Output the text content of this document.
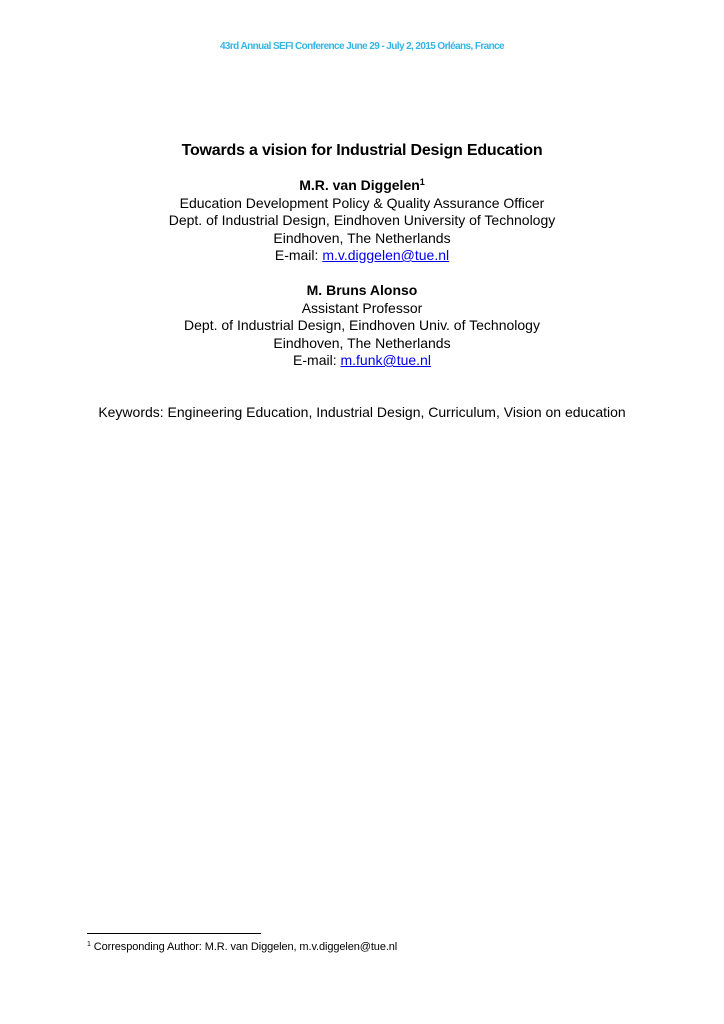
43rd Annual SEFI Conference June 29 - July 2, 2015 Orléans, France
Towards a vision for Industrial Design Education
M.R. van Diggelen$^1$
Education Development Policy & Quality Assurance Officer
Dept. of Industrial Design, Eindhoven University of Technology
Eindhoven, The Netherlands
E-mail: m.v.diggelen@tue.nl
M. Bruns Alonso
Assistant Professor
Dept. of Industrial Design, Eindhoven Univ. of Technology
Eindhoven, The Netherlands
E-mail: m.funk@tue.nl
Keywords: Engineering Education, Industrial Design, Curriculum, Vision on education
$^1$ Corresponding Author: M.R. van Diggelen, m.v.diggelen@tue.nl
